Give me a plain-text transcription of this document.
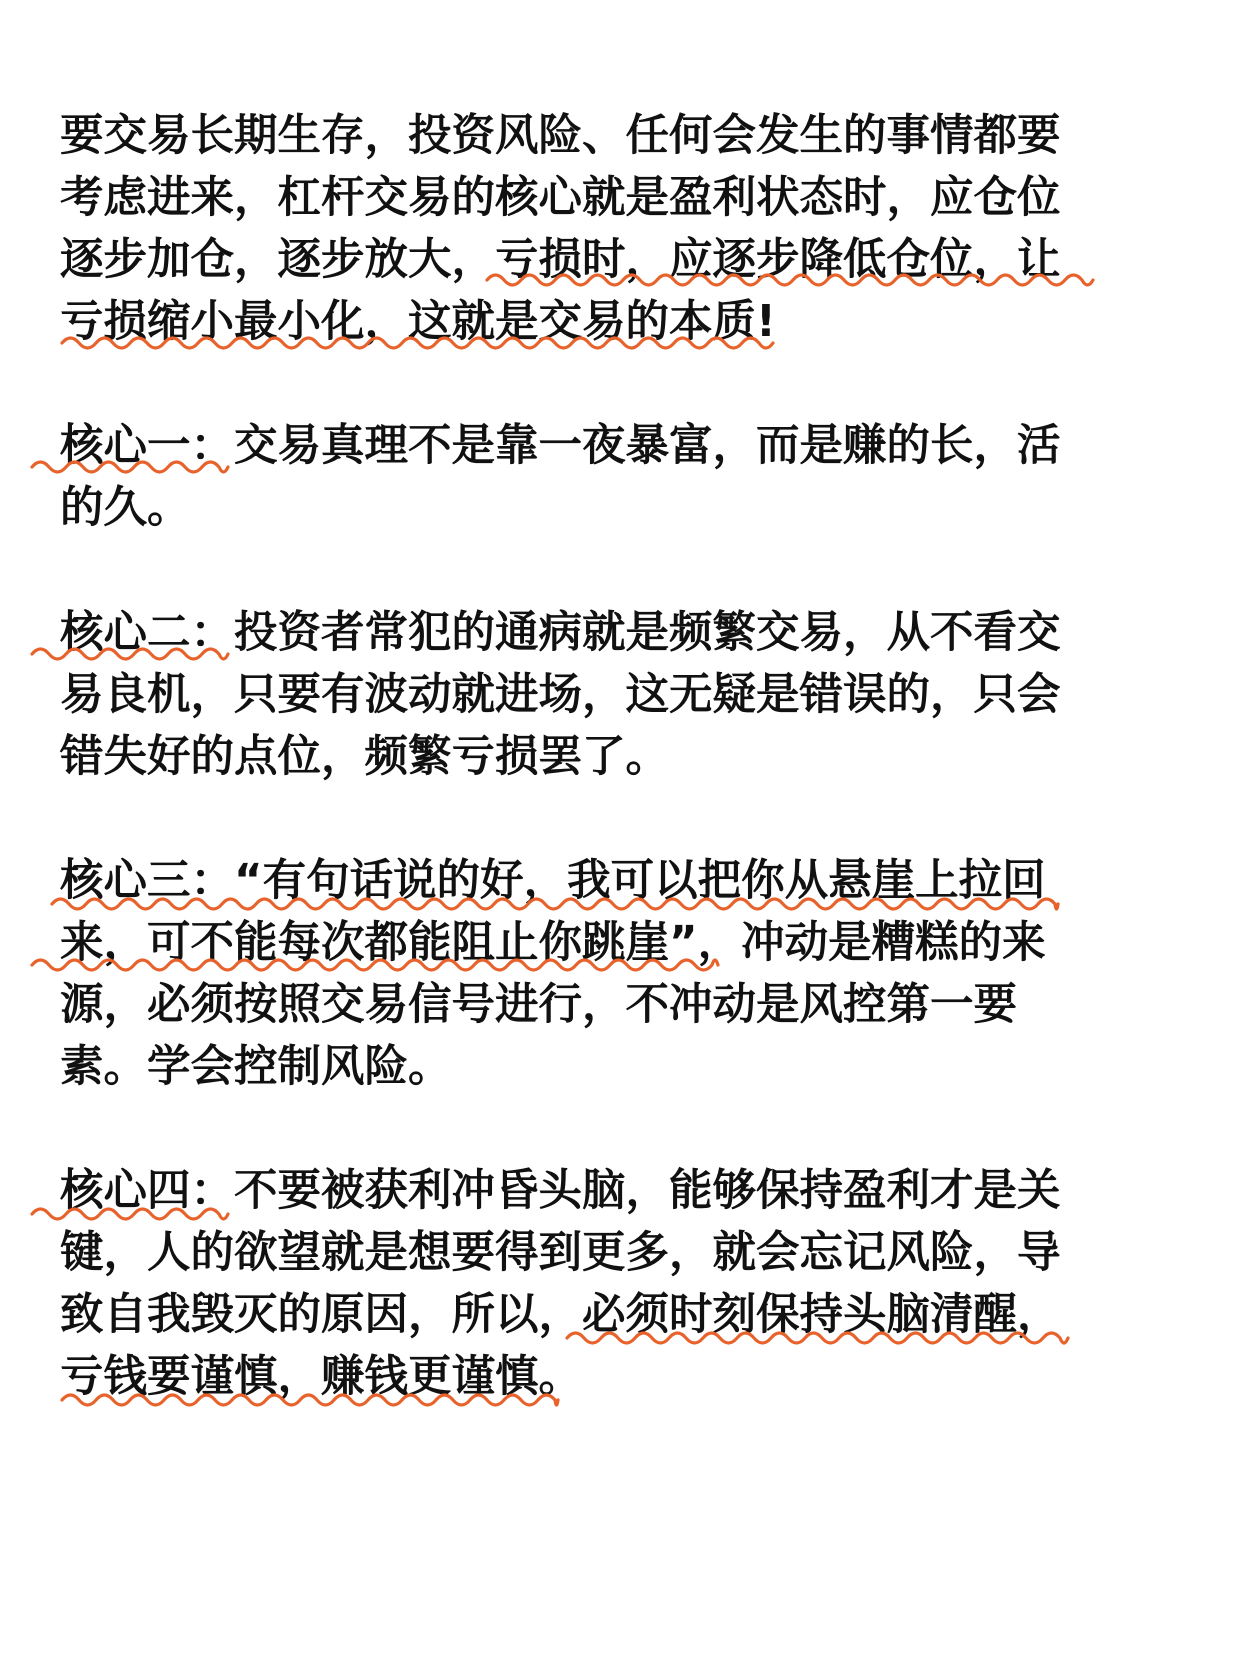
要交易长期生存，投资风险、任何会发生的事情都要
考虑进来，杠杆交易的核心就是盈利状态时，应仓位
逐步加仓，逐步放大，亏损时，应逐步降低仓位，让
亏损缩小最小化，这就是交易的本质!
核心一：交易真理不是靠一夜暴富，而是赚的长，活
的久。
核心二：投资者常犯的通病就是频繁交易，从不看交
易良机，只要有波动就进场，这无疑是错误的，只会
错失好的点位，频繁亏损罢了。
核心三：“有句话说的好，我可以把你从悬崖上拉回
来，可不能每次都能阻止你跳崖”，冲动是糟糕的来
源，必须按照交易信号进行，不冲动是风控第一要
素。学会控制风险。
核心四：不要被获利冲昏头脑，能够保持盈利才是关
键，人的欲望就是想要得到更多，就会忘记风险，导
致自我毁灭的原因，所以，必须时刻保持头脑清醒，
亏钱要谨慎，赚钱更谨慎。
